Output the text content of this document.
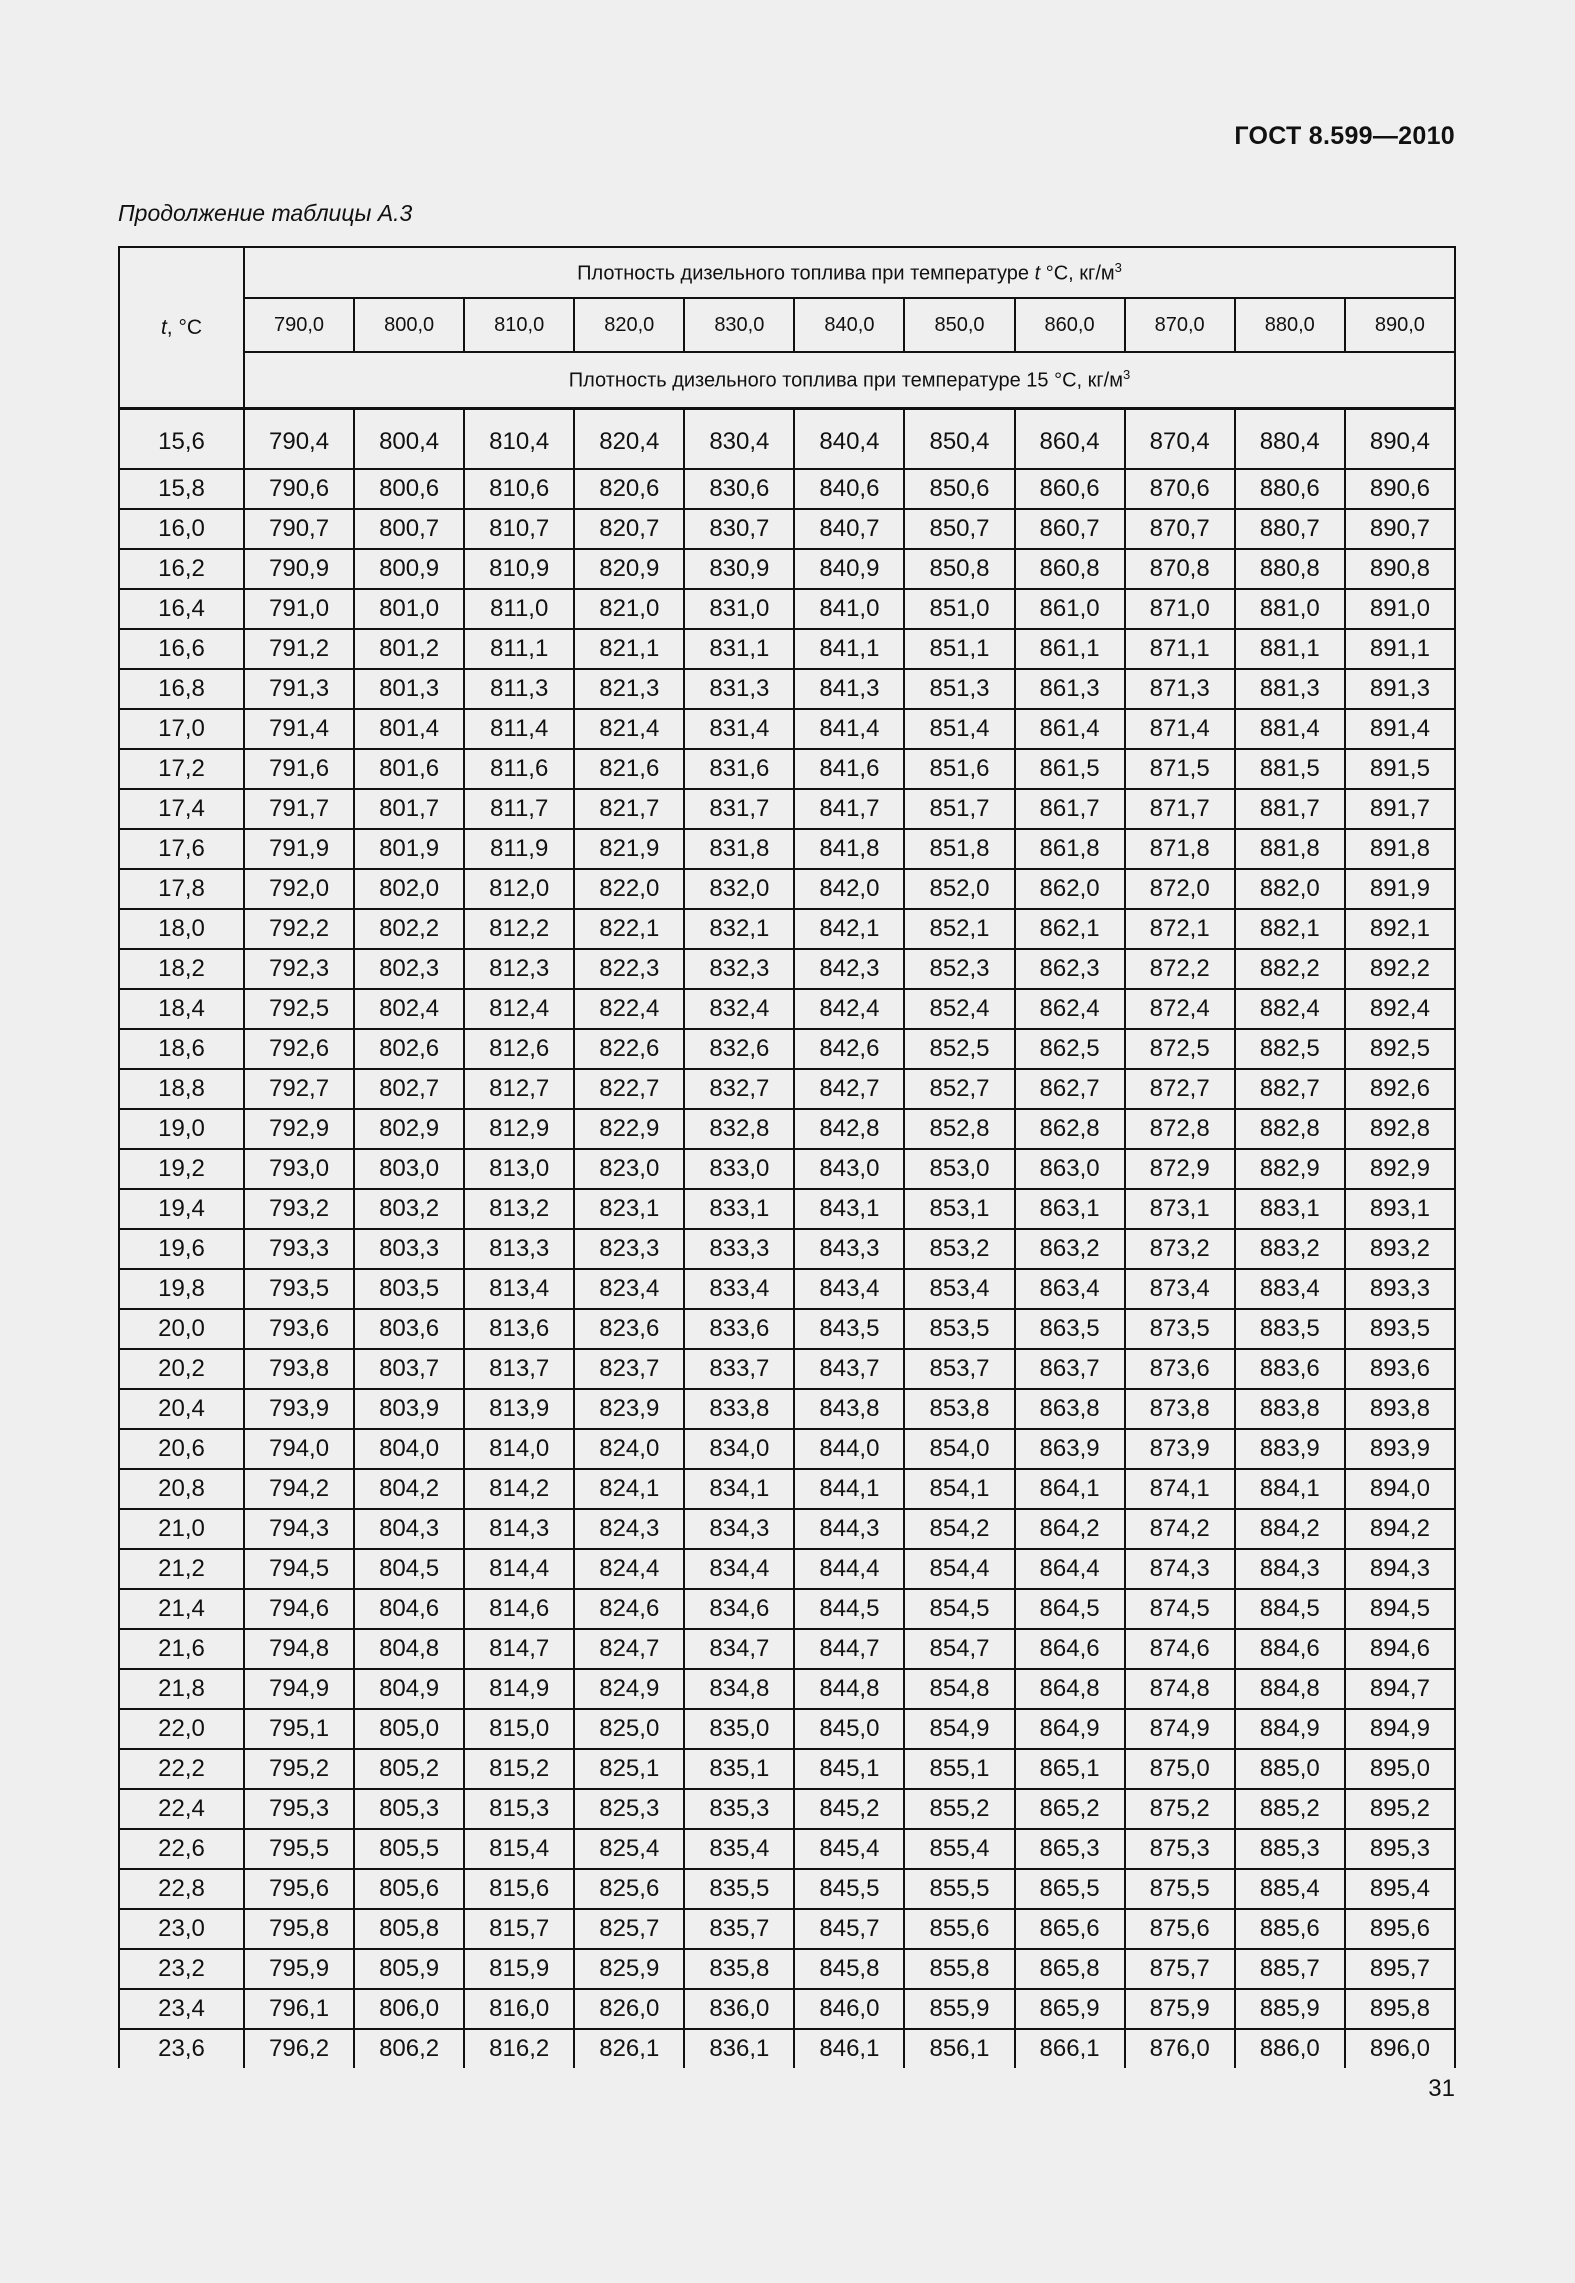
ГОСТ 8.599—2010
Продолжение таблицы А.3
t, °C	Плотность дизельного топлива при температуре t °C, $кг/м^3$
	790,0	800,0	810,0	820,0	830,0	840,0	850,0	860,0	870,0	880,0	890,0
	Плотность дизельного топлива при температуре 15 °С, $кг/м^3$
15,6	790,4	800,4	810,4	820,4	830,4	840,4	850,4	860,4	870,4	880,4	890,4
15,8	790,6	800,6	810,6	820,6	830,6	840,6	850,6	860,6	870,6	880,6	890,6
16,0	790,7	800,7	810,7	820,7	830,7	840,7	850,7	860,7	870,7	880,7	890,7
16,2	790,9	800,9	810,9	820,9	830,9	840,9	850,8	860,8	870,8	880,8	890,8
16,4	791,0	801,0	811,0	821,0	831,0	841,0	851,0	861,0	871,0	881,0	891,0
16,6	791,2	801,2	811,1	821,1	831,1	841,1	851,1	861,1	871,1	881,1	891,1
16,8	791,3	801,3	811,3	821,3	831,3	841,3	851,3	861,3	871,3	881,3	891,3
17,0	791,4	801,4	811,4	821,4	831,4	841,4	851,4	861,4	871,4	881,4	891,4
17,2	791,6	801,6	811,6	821,6	831,6	841,6	851,6	861,5	871,5	881,5	891,5
17,4	791,7	801,7	811,7	821,7	831,7	841,7	851,7	861,7	871,7	881,7	891,7
17,6	791,9	801,9	811,9	821,9	831,8	841,8	851,8	861,8	871,8	881,8	891,8
17,8	792,0	802,0	812,0	822,0	832,0	842,0	852,0	862,0	872,0	882,0	891,9
18,0	792,2	802,2	812,2	822,1	832,1	842,1	852,1	862,1	872,1	882,1	892,1
18,2	792,3	802,3	812,3	822,3	832,3	842,3	852,3	862,3	872,2	882,2	892,2
18,4	792,5	802,4	812,4	822,4	832,4	842,4	852,4	862,4	872,4	882,4	892,4
18,6	792,6	802,6	812,6	822,6	832,6	842,6	852,5	862,5	872,5	882,5	892,5
18,8	792,7	802,7	812,7	822,7	832,7	842,7	852,7	862,7	872,7	882,7	892,6
19,0	792,9	802,9	812,9	822,9	832,8	842,8	852,8	862,8	872,8	882,8	892,8
19,2	793,0	803,0	813,0	823,0	833,0	843,0	853,0	863,0	872,9	882,9	892,9
19,4	793,2	803,2	813,2	823,1	833,1	843,1	853,1	863,1	873,1	883,1	893,1
19,6	793,3	803,3	813,3	823,3	833,3	843,3	853,2	863,2	873,2	883,2	893,2
19,8	793,5	803,5	813,4	823,4	833,4	843,4	853,4	863,4	873,4	883,4	893,3
20,0	793,6	803,6	813,6	823,6	833,6	843,5	853,5	863,5	873,5	883,5	893,5
20,2	793,8	803,7	813,7	823,7	833,7	843,7	853,7	863,7	873,6	883,6	893,6
20,4	793,9	803,9	813,9	823,9	833,8	843,8	853,8	863,8	873,8	883,8	893,8
20,6	794,0	804,0	814,0	824,0	834,0	844,0	854,0	863,9	873,9	883,9	893,9
20,8	794,2	804,2	814,2	824,1	834,1	844,1	854,1	864,1	874,1	884,1	894,0
21,0	794,3	804,3	814,3	824,3	834,3	844,3	854,2	864,2	874,2	884,2	894,2
21,2	794,5	804,5	814,4	824,4	834,4	844,4	854,4	864,4	874,3	884,3	894,3
21,4	794,6	804,6	814,6	824,6	834,6	844,5	854,5	864,5	874,5	884,5	894,5
21,6	794,8	804,8	814,7	824,7	834,7	844,7	854,7	864,6	874,6	884,6	894,6
21,8	794,9	804,9	814,9	824,9	834,8	844,8	854,8	864,8	874,8	884,8	894,7
22,0	795,1	805,0	815,0	825,0	835,0	845,0	854,9	864,9	874,9	884,9	894,9
22,2	795,2	805,2	815,2	825,1	835,1	845,1	855,1	865,1	875,0	885,0	895,0
22,4	795,3	805,3	815,3	825,3	835,3	845,2	855,2	865,2	875,2	885,2	895,2
22,6	795,5	805,5	815,4	825,4	835,4	845,4	855,4	865,3	875,3	885,3	895,3
22,8	795,6	805,6	815,6	825,6	835,5	845,5	855,5	865,5	875,5	885,4	895,4
23,0	795,8	805,8	815,7	825,7	835,7	845,7	855,6	865,6	875,6	885,6	895,6
23,2	795,9	805,9	815,9	825,9	835,8	845,8	855,8	865,8	875,7	885,7	895,7
23,4	796,1	806,0	816,0	826,0	836,0	846,0	855,9	865,9	875,9	885,9	895,8
23,6	796,2	806,2	816,2	826,1	836,1	846,1	856,1	866,1	876,0	886,0	896,0
31
